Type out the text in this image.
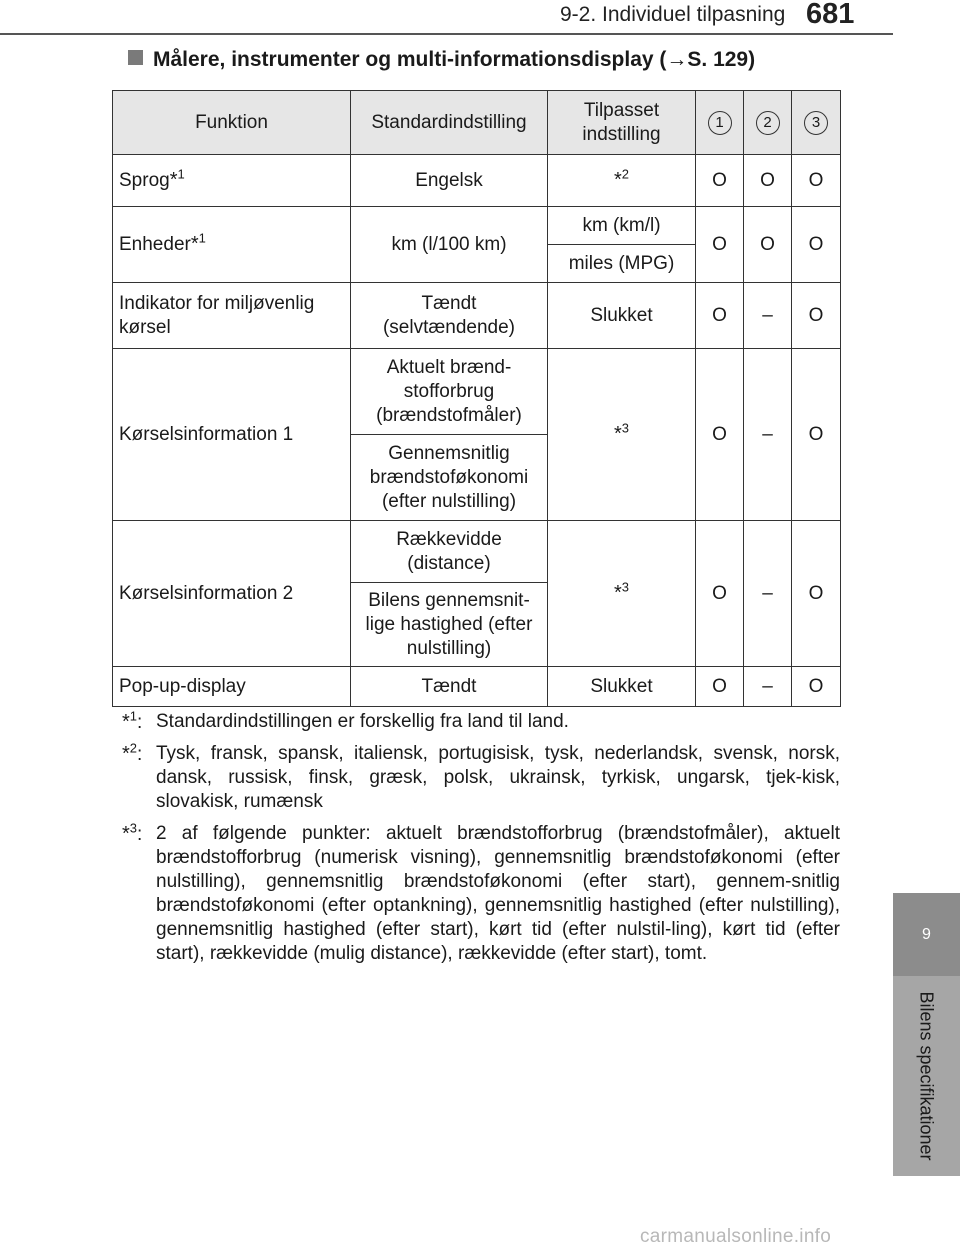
9-2. Individuel tilpasning 681
9
Bilens specifikationer
Målere, instrumenter og multi-informationsdisplay (→S. 129)
Funktion	Standardindstilling	Tilpasset indstilling	1	2	3
Sprog*$^1$	Engelsk	*$^2$	O	O	O
Enheder*$^1$	km (l/100 km)	km (km/l)	O	O	O
		miles (MPG)			
Indikator for miljøvenlig kørsel	Tændt (selvtændende)	Slukket	O	–	O
Kørselsinformation 1	Aktuelt brænd-stofforbrug (brændstofmåler)	*$^3$	O	–	O
	Gennemsnitlig brændstoføkonomi (efter nulstilling)				
Kørselsinformation 2	Rækkevidde (distance)	*$^3$	O	–	O
	Bilens gennemsnit-lige hastighed (efter nulstilling)				
Pop-up-display	Tændt	Slukket	O	–	O
*$^1$: Standardindstillingen er forskellig fra land til land.
*$^2$: Tysk, fransk, spansk, italiensk, portugisisk, tysk, nederlandsk, svensk, norsk, dansk, russisk, finsk, græsk, polsk, ukrainsk, tyrkisk, ungarsk, tjek-kisk, slovakisk, rumænsk
*$^3$: 2 af følgende punkter: aktuelt brændstofforbrug (brændstofmåler), aktuelt brændstofforbrug (numerisk visning), gennemsnitlig brændstoføkonomi (efter nulstilling), gennemsnitlig brændstoføkonomi (efter start), gennem-snitlig brændstoføkonomi (efter optankning), gennemsnitlig hastighed (efter nulstilling), gennemsnitlig hastighed (efter start), kørt tid (efter nulstil-ling), kørt tid (efter start), rækkevidde (mulig distance), rækkevidde (efter start), tomt.
carmanualsonline.info
